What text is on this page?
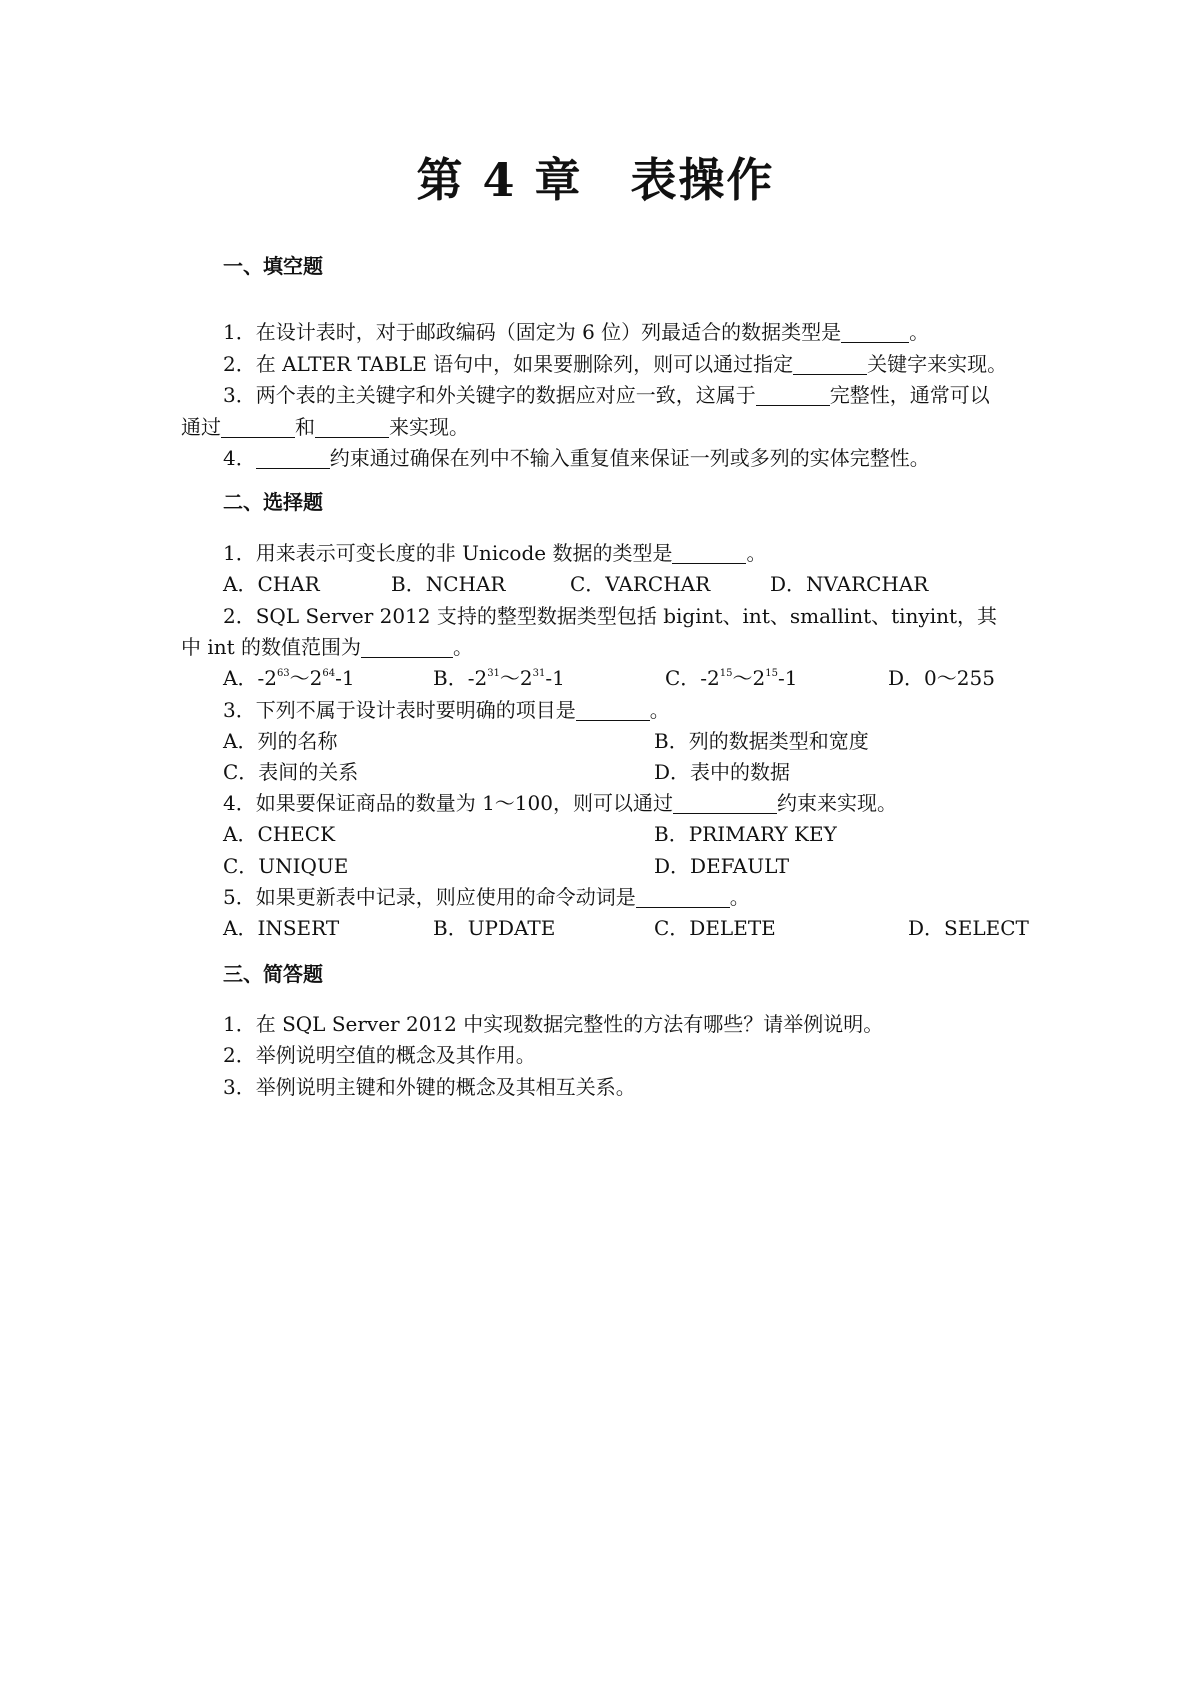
第 4 章　表操作
一、填空题
1．在设计表时，对于邮政编码（固定为 6 位）列最适合的数据类型是	。
2．在 ALTER TABLE 语句中，如果要删除列，则可以通过指定	关键字来实现。
3．两个表的主关键字和外关键字的数据应对应一致，这属于	完整性，通常可以
通过	和	来实现。
4．	约束通过确保在列中不输入重复值来保证一列或多列的实体完整性。
二、选择题
1．用来表示可变长度的非 Unicode 数据的类型是	。
A．CHAR	B．NCHAR	C．VARCHAR	D．NVARCHAR
2．SQL Server 2012 支持的整型数据类型包括 bigint、int、smallint、tinyint，其
中 int 的数值范围为	。
A．$-2^{63}\sim 2^{64}-1$	B．$-2^{31}\sim 2^{31}-1$	C．$-2^{15}\sim 2^{15}-1$	D．0～255
3．下列不属于设计表时要明确的项目是	。
A．列的名称	B．列的数据类型和宽度
C．表间的关系	D．表中的数据
4．如果要保证商品的数量为 1～100，则可以通过	约束来实现。
A．CHECK	B．PRIMARY KEY
C．UNIQUE	D．DEFAULT
5．如果更新表中记录，则应使用的命令动词是	。
A．INSERT	B．UPDATE	C．DELETE	D．SELECT
三、简答题
1．在 SQL Server 2012 中实现数据完整性的方法有哪些？请举例说明。
2．举例说明空值的概念及其作用。
3．举例说明主键和外键的概念及其相互关系。
